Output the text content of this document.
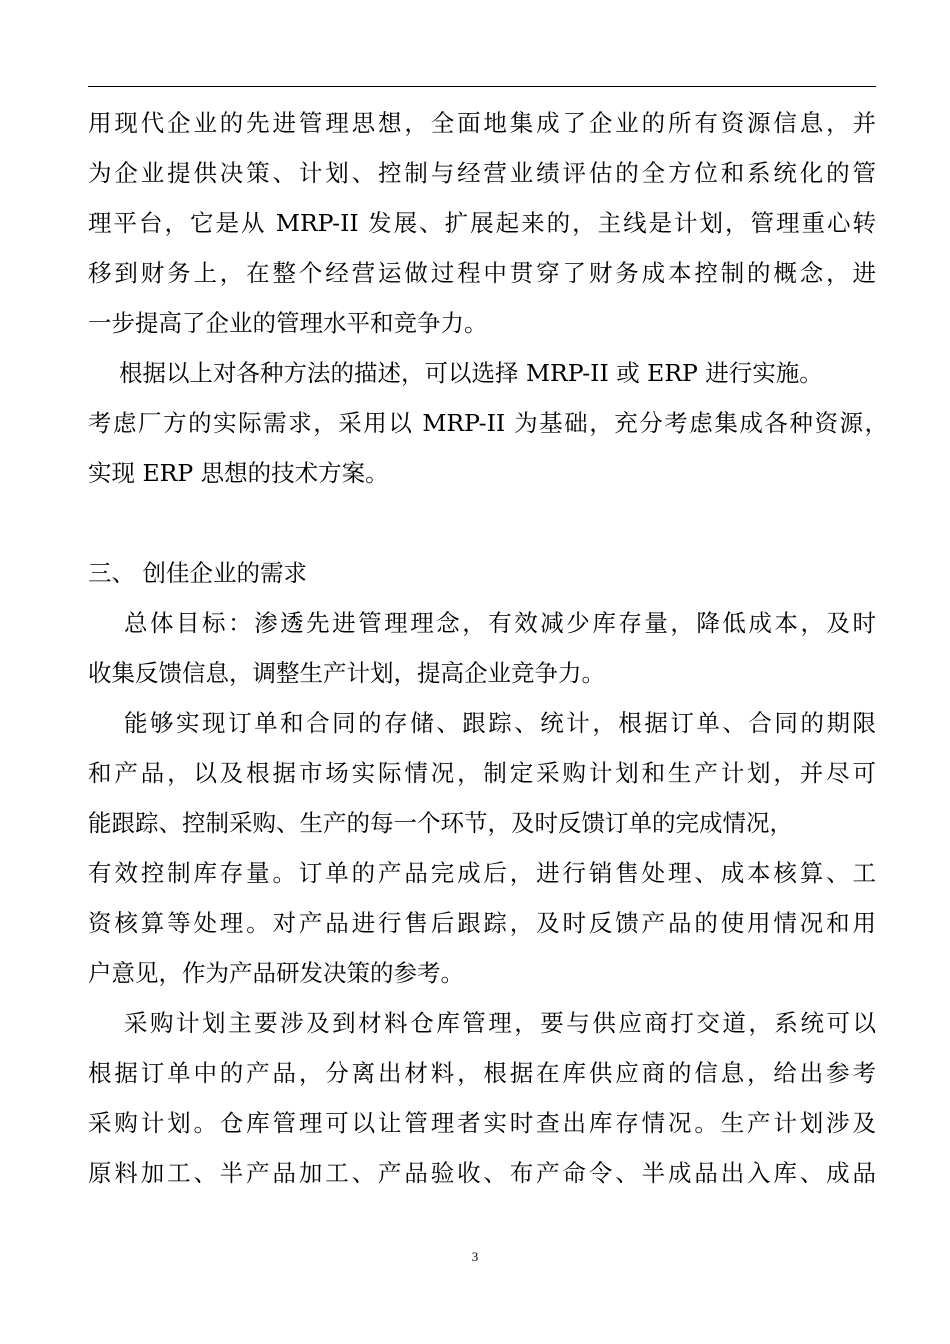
用现代企业的先进管理思想，全面地集成了企业的所有资源信息，并
为企业提供决策、计划、控制与经营业绩评估的全方位和系统化的管
理平台，它是从 MRP-II 发展、扩展起来的，主线是计划，管理重心转
移到财务上，在整个经营运做过程中贯穿了财务成本控制的概念，进
一步提高了企业的管理水平和竞争力。
　 根据以上对各种方法的描述，可以选择 MRP-II 或 ERP 进行实施。
考虑厂方的实际需求，采用以 MRP-II 为基础，充分考虑集成各种资源，
实现 ERP 思想的技术方案。
三、 创佳企业的需求
　 总体目标：渗透先进管理理念，有效减少库存量，降低成本，及时
收集反馈信息，调整生产计划，提高企业竞争力。
　 能够实现订单和合同的存储、跟踪、统计，根据订单、合同的期限
和产品，以及根据市场实际情况，制定采购计划和生产计划，并尽可
能跟踪、控制采购、生产的每一个环节，及时反馈订单的完成情况，
有效控制库存量。订单的产品完成后，进行销售处理、成本核算、工
资核算等处理。对产品进行售后跟踪，及时反馈产品的使用情况和用
户意见，作为产品研发决策的参考。
　 采购计划主要涉及到材料仓库管理，要与供应商打交道，系统可以
根据订单中的产品，分离出材料，根据在库供应商的信息，给出参考
采购计划。仓库管理可以让管理者实时查出库存情况。生产计划涉及
原料加工、半产品加工、产品验收、布产命令、半成品出入库、成品
3
